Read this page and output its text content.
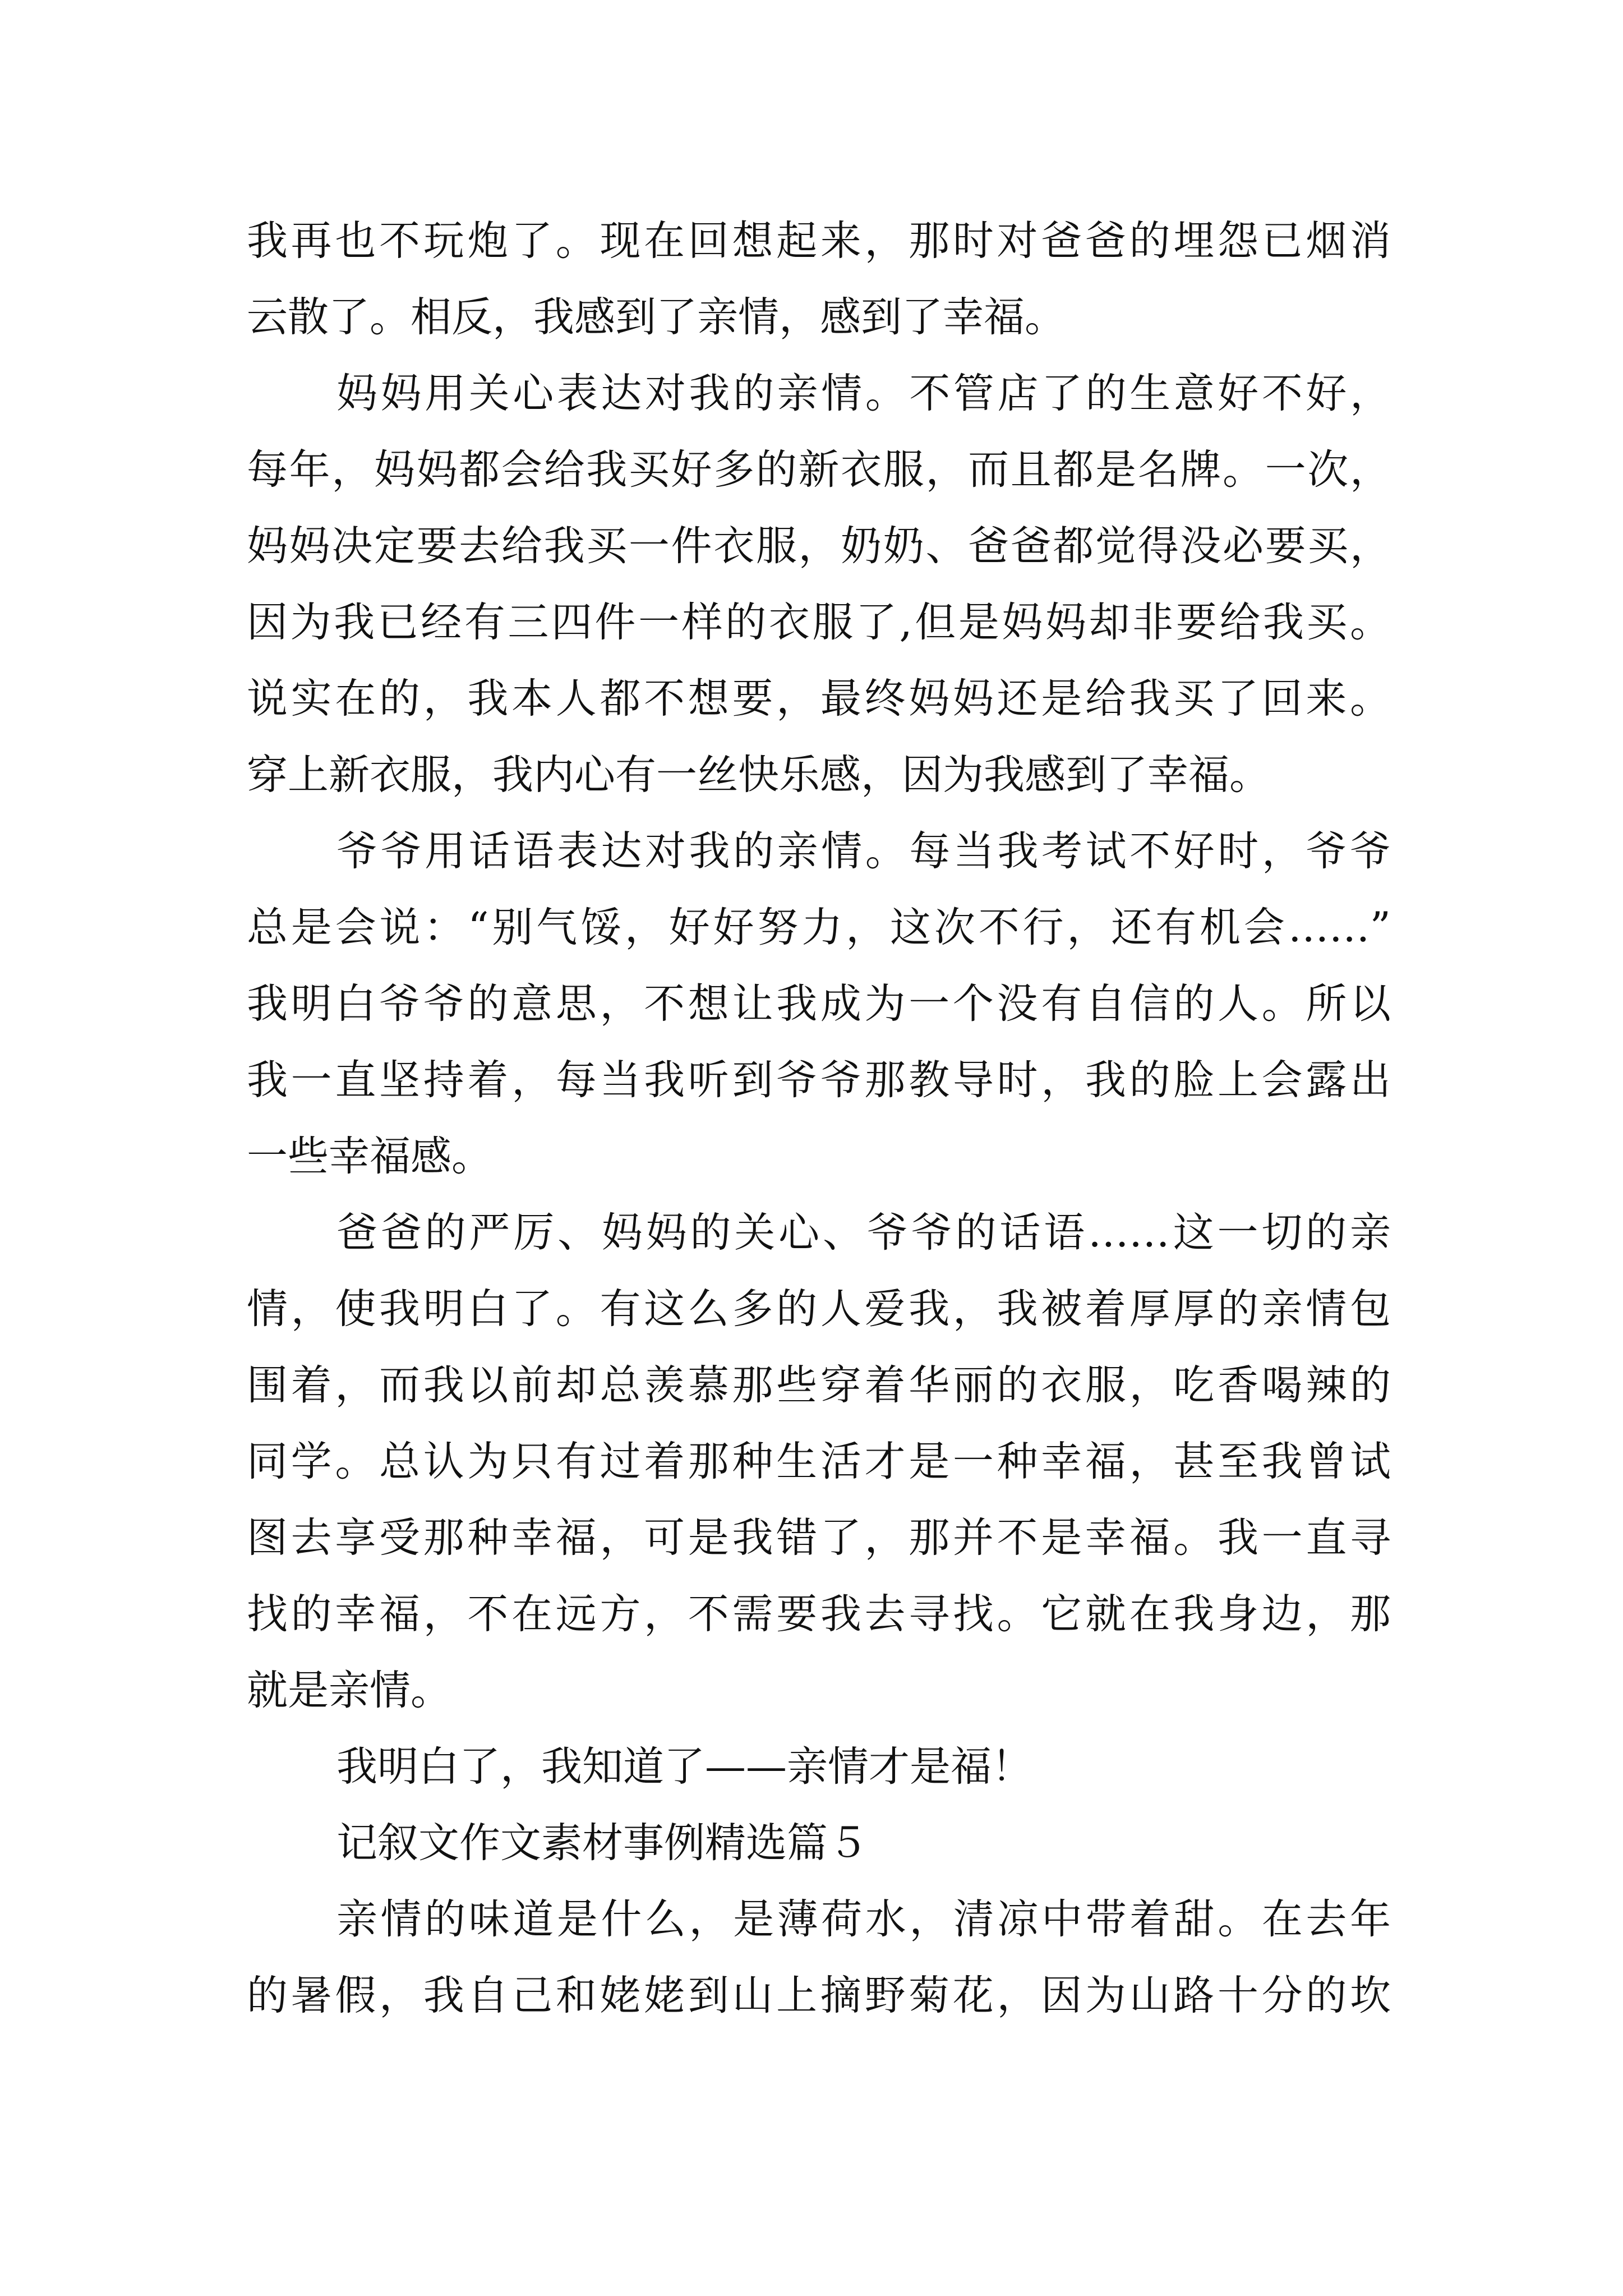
我再也不玩炮了。现在回想起来，那时对爸爸的埋怨已烟消
云散了。相反，我感到了亲情，感到了幸福。
妈妈用关心表达对我的亲情。不管店了的生意好不好，
每年，妈妈都会给我买好多的新衣服，而且都是名牌。一次，
妈妈决定要去给我买一件衣服，奶奶、爸爸都觉得没必要买，
因为我已经有三四件一样的衣服了,但是妈妈却非要给我买。
说实在的，我本人都不想要，最终妈妈还是给我买了回来。
穿上新衣服，我内心有一丝快乐感，因为我感到了幸福。
爷爷用话语表达对我的亲情。每当我考试不好时，爷爷
总是会说：“别气馁，好好努力，这次不行，还有机会……”
我明白爷爷的意思，不想让我成为一个没有自信的人。所以
我一直坚持着，每当我听到爷爷那教导时，我的脸上会露出
一些幸福感。
爸爸的严厉、妈妈的关心、爷爷的话语……这一切的亲
情，使我明白了。有这么多的人爱我，我被着厚厚的亲情包
围着，而我以前却总羡慕那些穿着华丽的衣服，吃香喝辣的
同学。总认为只有过着那种生活才是一种幸福，甚至我曾试
图去享受那种幸福，可是我错了，那并不是幸福。我一直寻
找的幸福，不在远方，不需要我去寻找。它就在我身边，那
就是亲情。
我明白了，我知道了——亲情才是福！
记叙文作文素材事例精选篇５
亲情的味道是什么，是薄荷水，清凉中带着甜。在去年
的暑假，我自己和姥姥到山上摘野菊花，因为山路十分的坎
